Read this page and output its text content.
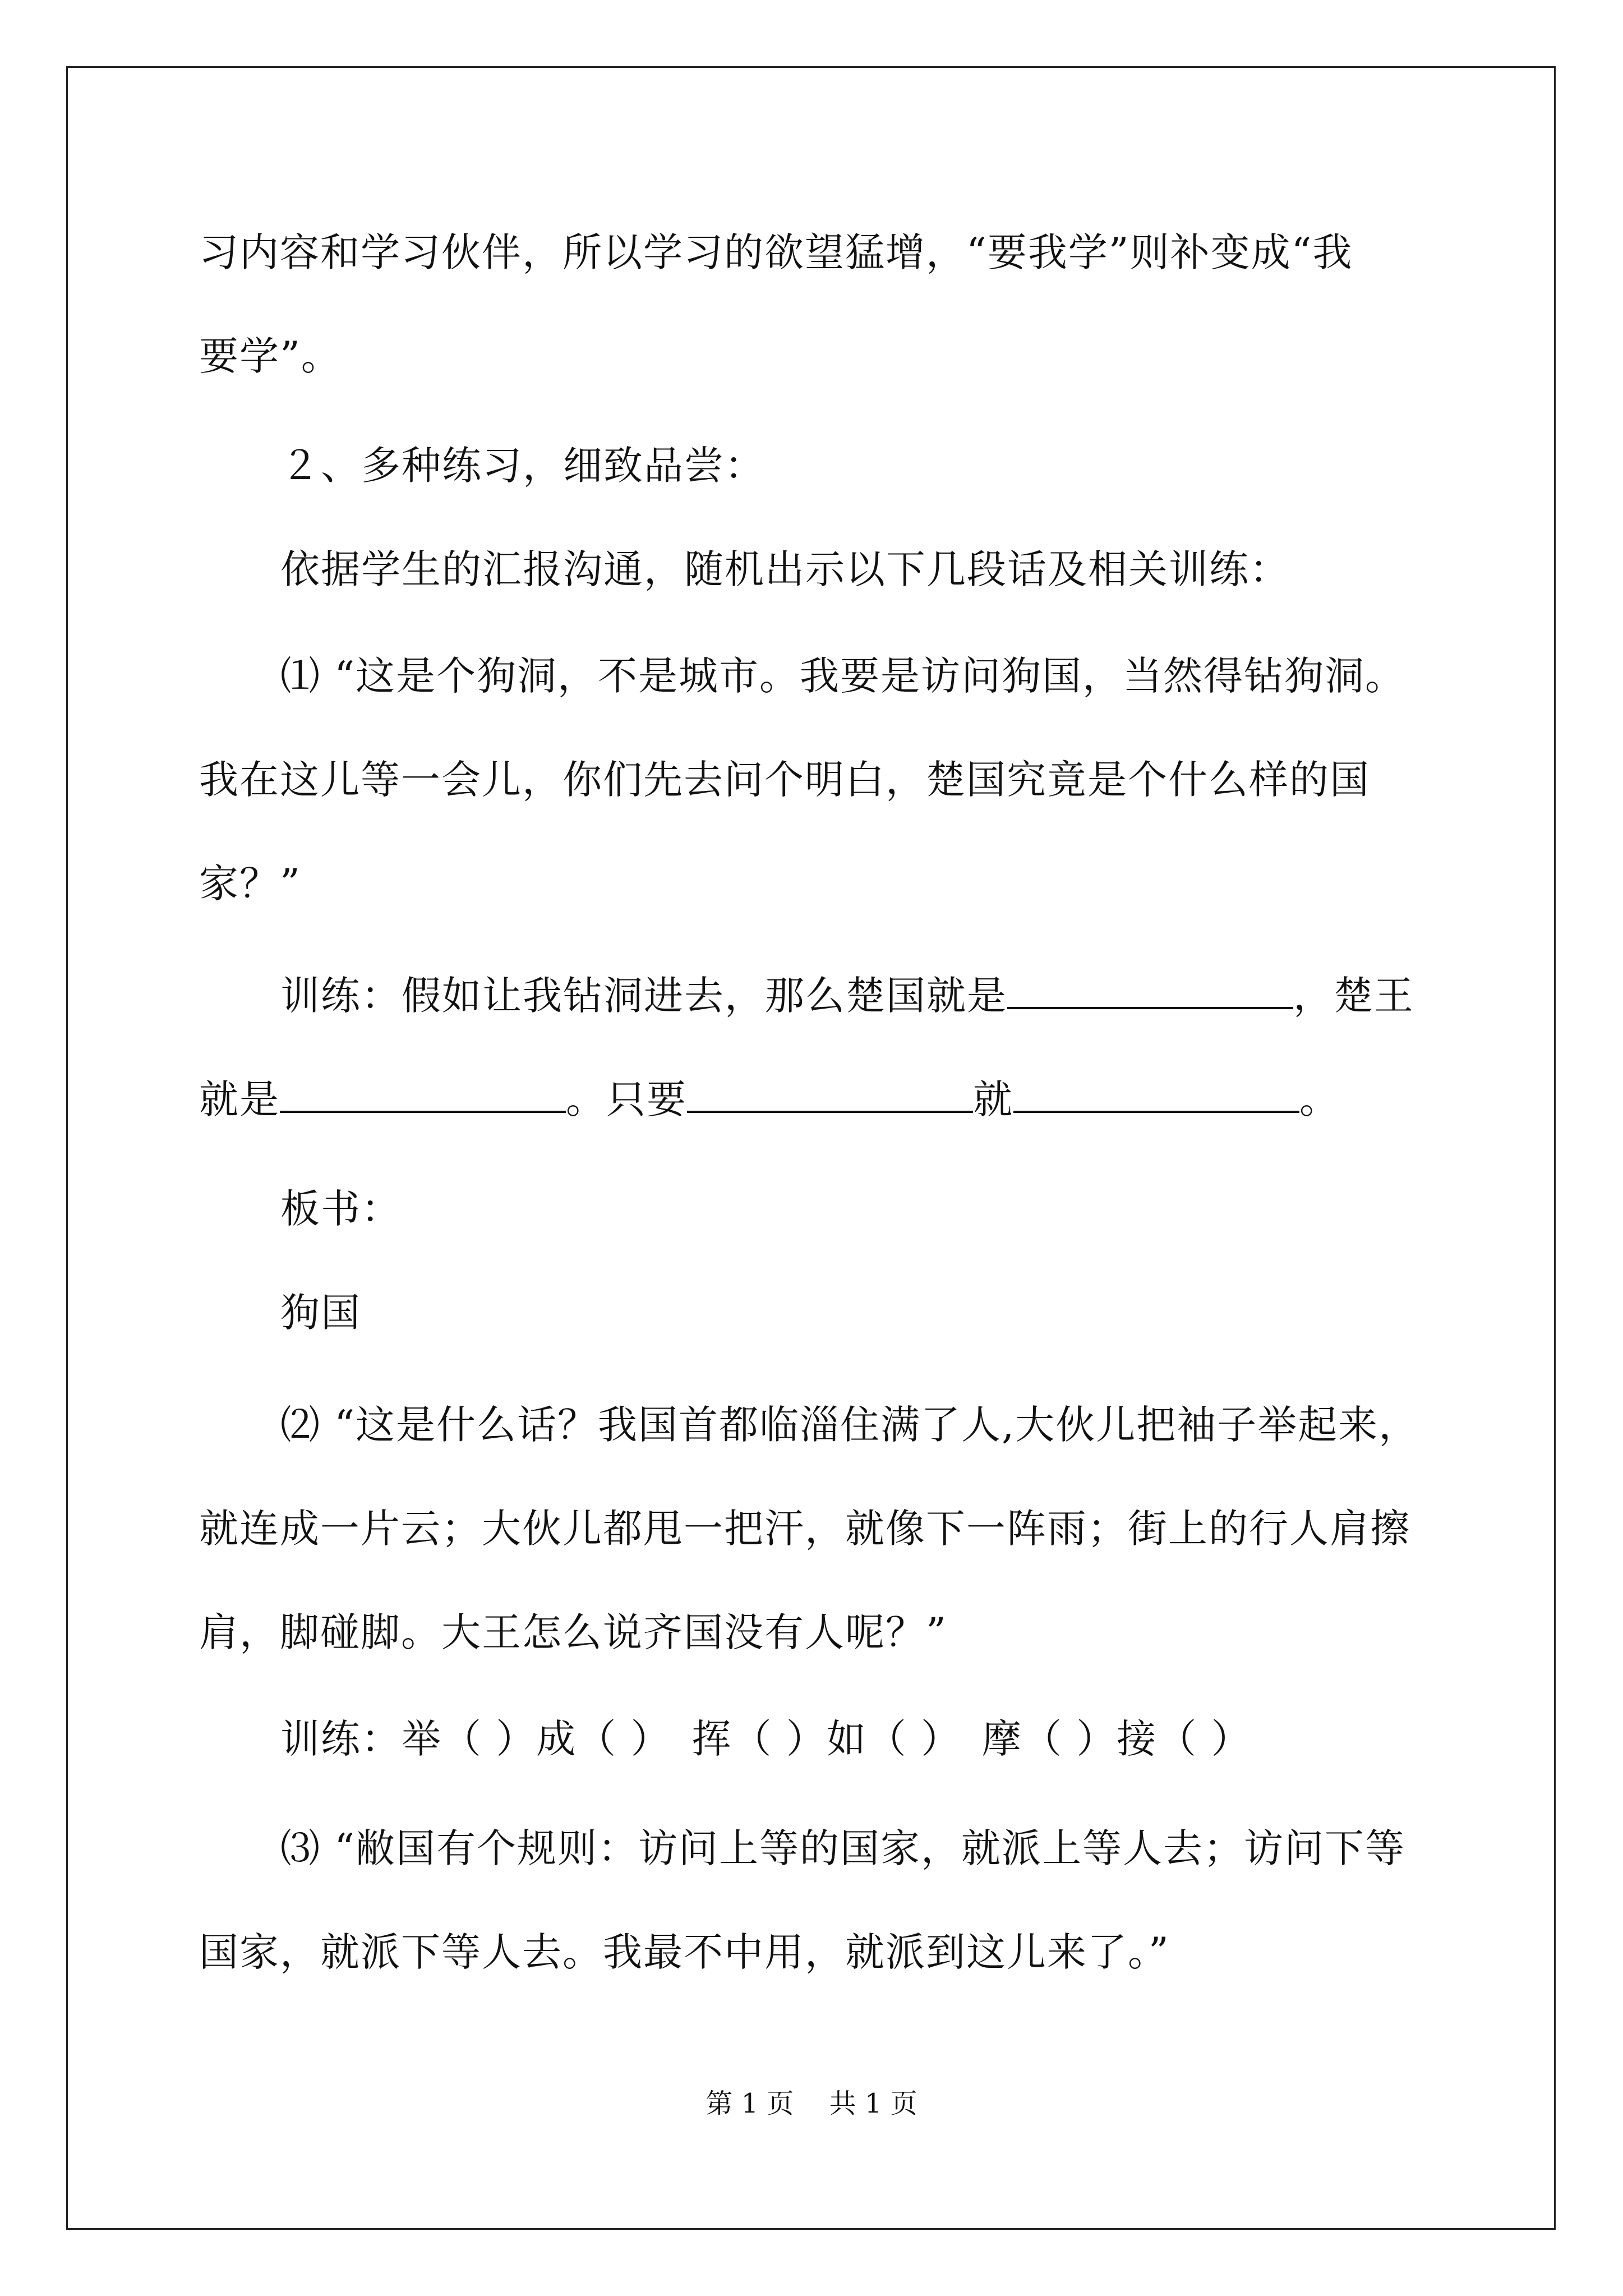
习内容和学习伙伴，所以学习的欲望猛增，“要我学”则补变成“我
要学”。
２、多种练习，细致品尝：
依据学生的汇报沟通，随机出示以下几段话及相关训练：
⑴ “这是个狗洞，不是城市。我要是访问狗国，当然得钻狗洞。
我在这儿等一会儿，你们先去问个明白，楚国究竟是个什么样的国
家？”
训练：假如让我钻洞进去，那么楚国就是	，楚王
就是	。只要	就	。
板书：
狗国
⑵ “这是什么话？我国首都临淄住满了人,大伙儿把袖子举起来，
就连成一片云；大伙儿都甩一把汗，就像下一阵雨；街上的行人肩擦
肩，脚碰脚。大王怎么说齐国没有人呢？”
训练：举（ ）成（ ）　挥（ ）如（ ）　摩（ ）接（ ）
⑶ “敝国有个规则：访问上等的国家，就派上等人去；访问下等
国家，就派下等人去。我最不中用，就派到这儿来了。”
第 1 页　 共 1 页
